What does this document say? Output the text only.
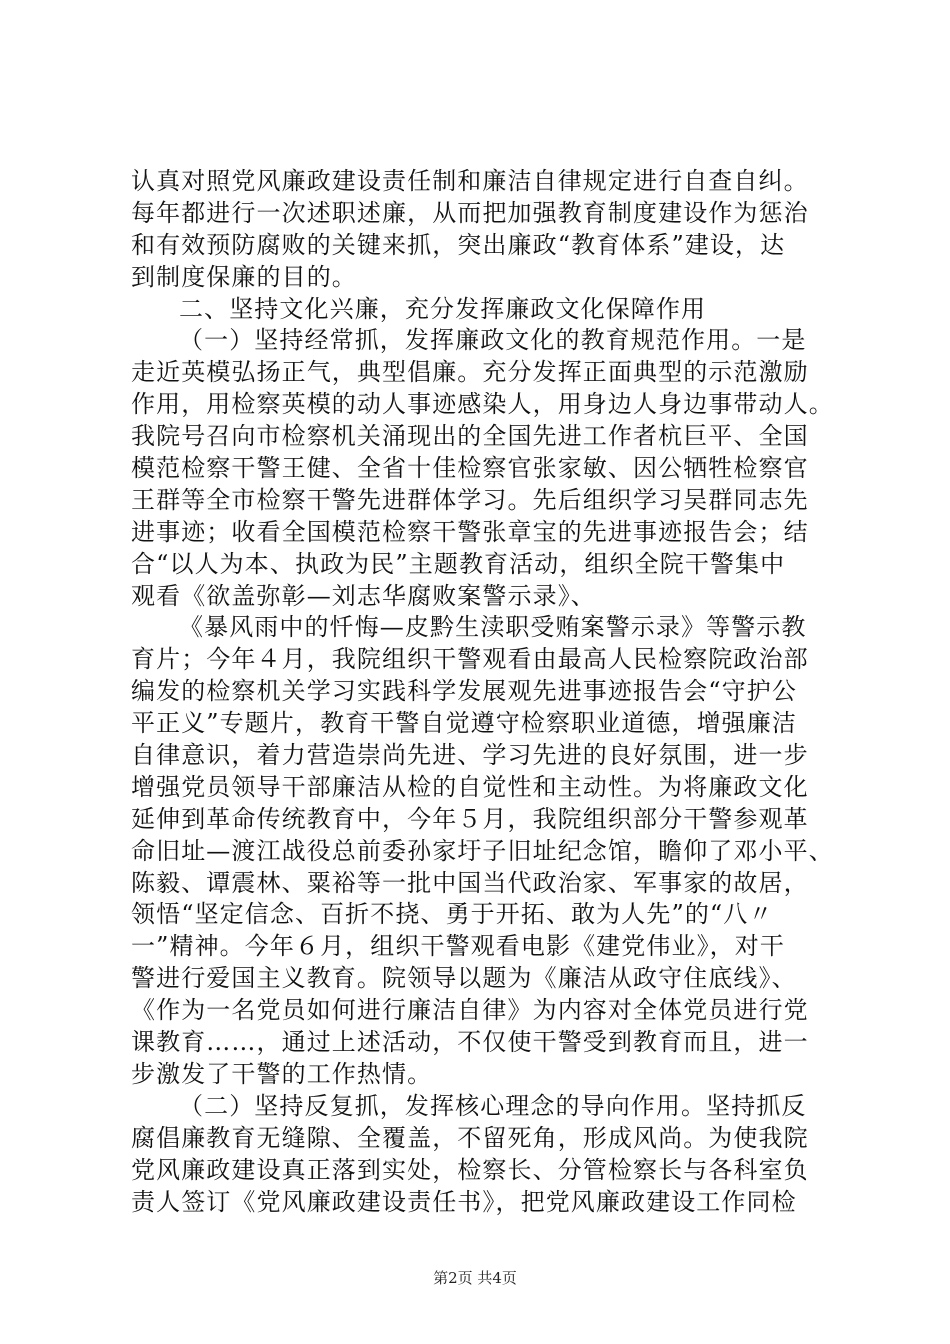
认真对照党风廉政建设责任制和廉洁自律规定进行自查自纠。
每年都进行一次述职述廉，从而把加强教育制度建设作为惩治
和有效预防腐败的关键来抓，突出廉政“教育体系”建设，达
到制度保廉的目的。
二、坚持文化兴廉，充分发挥廉政文化保障作用
（一）坚持经常抓，发挥廉政文化的教育规范作用。一是
走近英模弘扬正气，典型倡廉。充分发挥正面典型的示范激励
作用，用检察英模的动人事迹感染人，用身边人身边事带动人。
我院号召向市检察机关涌现出的全国先进工作者杭巨平、全国
模范检察干警王健、全省十佳检察官张家敏、因公牺牲检察官
王群等全市检察干警先进群体学习。先后组织学习吴群同志先
进事迹；收看全国模范检察干警张章宝的先进事迹报告会；结
合“以人为本、执政为民”主题教育活动，组织全院干警集中
观看《欲盖弥彰—刘志华腐败案警示录》、
《暴风雨中的忏悔—皮黔生渎职受贿案警示录》等警示教
育片；今年４月，我院组织干警观看由最高人民检察院政治部
编发的检察机关学习实践科学发展观先进事迹报告会“守护公
平正义”专题片，教育干警自觉遵守检察职业道德，增强廉洁
自律意识，着力营造崇尚先进、学习先进的良好氛围，进一步
增强党员领导干部廉洁从检的自觉性和主动性。为将廉政文化
延伸到革命传统教育中，今年５月，我院组织部分干警参观革
命旧址—渡江战役总前委孙家圩子旧址纪念馆，瞻仰了邓小平、
陈毅、谭震林、粟裕等一批中国当代政治家、军事家的故居，
领悟“坚定信念、百折不挠、勇于开拓、敢为人先”的“八〃
一”精神。今年６月，组织干警观看电影《建党伟业》，对干
警进行爱国主义教育。院领导以题为《廉洁从政守住底线》、
《作为一名党员如何进行廉洁自律》为内容对全体党员进行党
课教育……，通过上述活动，不仅使干警受到教育而且，进一
步激发了干警的工作热情。
（二）坚持反复抓，发挥核心理念的导向作用。坚持抓反
腐倡廉教育无缝隙、全覆盖，不留死角，形成风尚。为使我院
党风廉政建设真正落到实处，检察长、分管检察长与各科室负
责人签订《党风廉政建设责任书》，把党风廉政建设工作同检
第2页 共4页
